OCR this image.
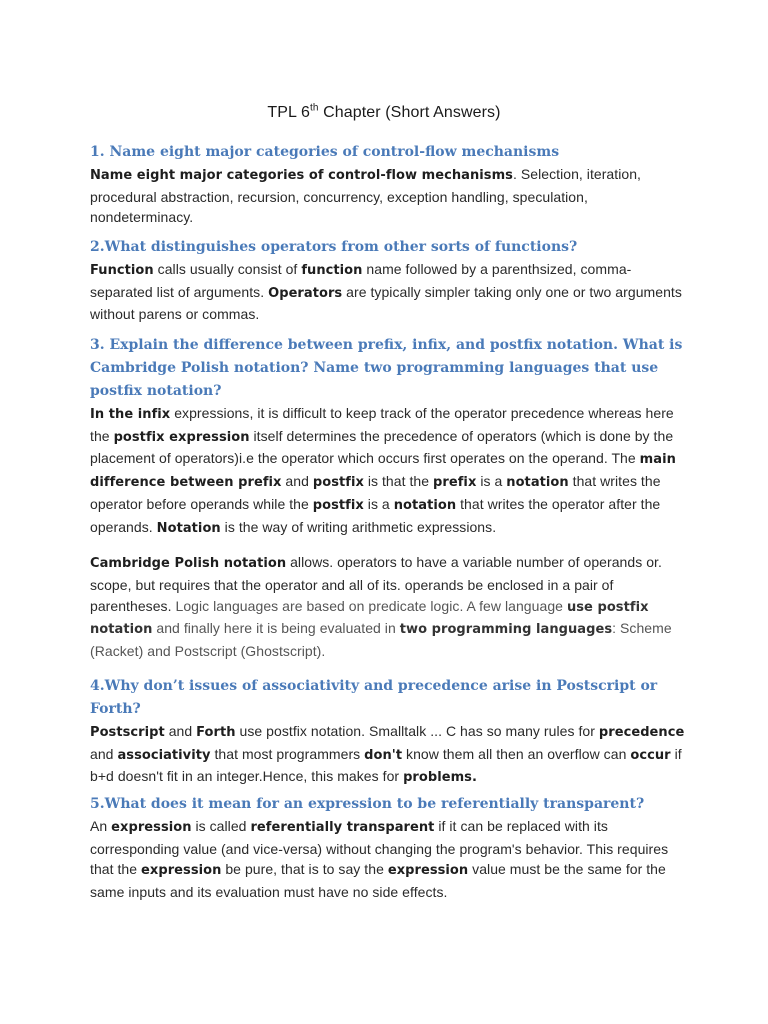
TPL 6th Chapter (Short Answers)

1. Name eight major categories of control-flow mechanisms

Name eight major categories of control-flow mechanisms. Selection, iteration, procedural abstraction, recursion, concurrency, exception handling, speculation, nondeterminacy.

2.What distinguishes operators from other sorts of functions?

Function calls usually consist of function name followed by a parenthsized, comma-separated list of arguments. Operators are typically simpler taking only one or two arguments without parens or commas.

3. Explain the difference between prefix, infix, and postfix notation. What is Cambridge Polish notation? Name two programming languages that use postfix notation?

In the infix expressions, it is difficult to keep track of the operator precedence whereas here the postfix expression itself determines the precedence of operators (which is done by the placement of operators)i.e the operator which occurs first operates on the operand. The main difference between prefix and postfix is that the prefix is a notation that writes the operator before operands while the postfix is a notation that writes the operator after the operands. Notation is the way of writing arithmetic expressions.

Cambridge Polish notation allows. operators to have a variable number of operands or. scope, but requires that the operator and all of its. operands be enclosed in a pair of parentheses. Logic languages are based on predicate logic. A few language use postfix notation and finally here it is being evaluated in two programming languages: Scheme (Racket) and Postscript (Ghostscript).

4.Why don’t issues of associativity and precedence arise in Postscript or Forth?

Postscript and Forth use postfix notation. Smalltalk ... C has so many rules for precedence and associativity that most programmers don't know them all then an overflow can occur if b+d doesn't fit in an integer.Hence, this makes for problems.

5.What does it mean for an expression to be referentially transparent?

An expression is called referentially transparent if it can be replaced with its corresponding value (and vice-versa) without changing the program's behavior. This requires that the expression be pure, that is to say the expression value must be the same for the same inputs and its evaluation must have no side effects.
